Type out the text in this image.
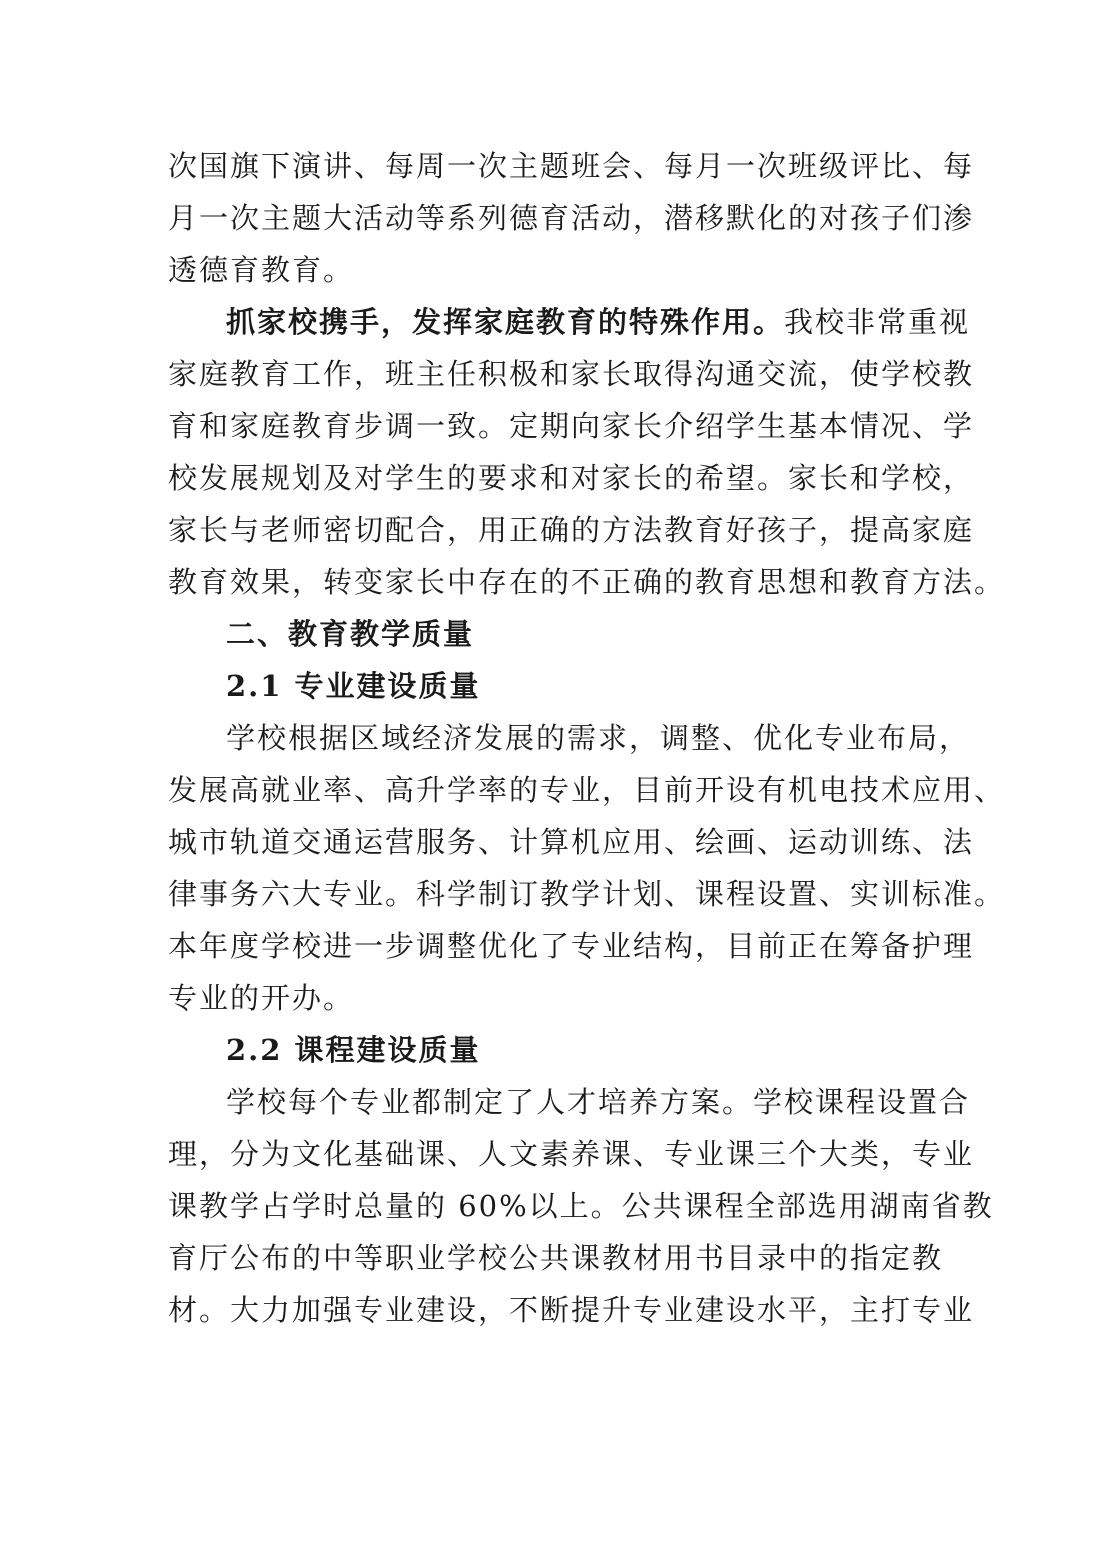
次国旗下演讲、每周一次主题班会、每月一次班级评比、每
月一次主题大活动等系列德育活动，潜移默化的对孩子们渗
透德育教育。
抓家校携手，发挥家庭教育的特殊作用。我校非常重视
家庭教育工作，班主任积极和家长取得沟通交流，使学校教
育和家庭教育步调一致。定期向家长介绍学生基本情况、学
校发展规划及对学生的要求和对家长的希望。家长和学校，
家长与老师密切配合，用正确的方法教育好孩子，提高家庭
教育效果，转变家长中存在的不正确的教育思想和教育方法。
二、教育教学质量
2.1 专业建设质量
学校根据区域经济发展的需求，调整、优化专业布局，
发展高就业率、高升学率的专业，目前开设有机电技术应用、
城市轨道交通运营服务、计算机应用、绘画、运动训练、法
律事务六大专业。科学制订教学计划、课程设置、实训标准。
本年度学校进一步调整优化了专业结构，目前正在筹备护理
专业的开办。
2.2 课程建设质量
学校每个专业都制定了人才培养方案。学校课程设置合
理，分为文化基础课、人文素养课、专业课三个大类，专业
课教学占学时总量的 60%以上。公共课程全部选用湖南省教
育厅公布的中等职业学校公共课教材用书目录中的指定教
材。大力加强专业建设，不断提升专业建设水平，主打专业
